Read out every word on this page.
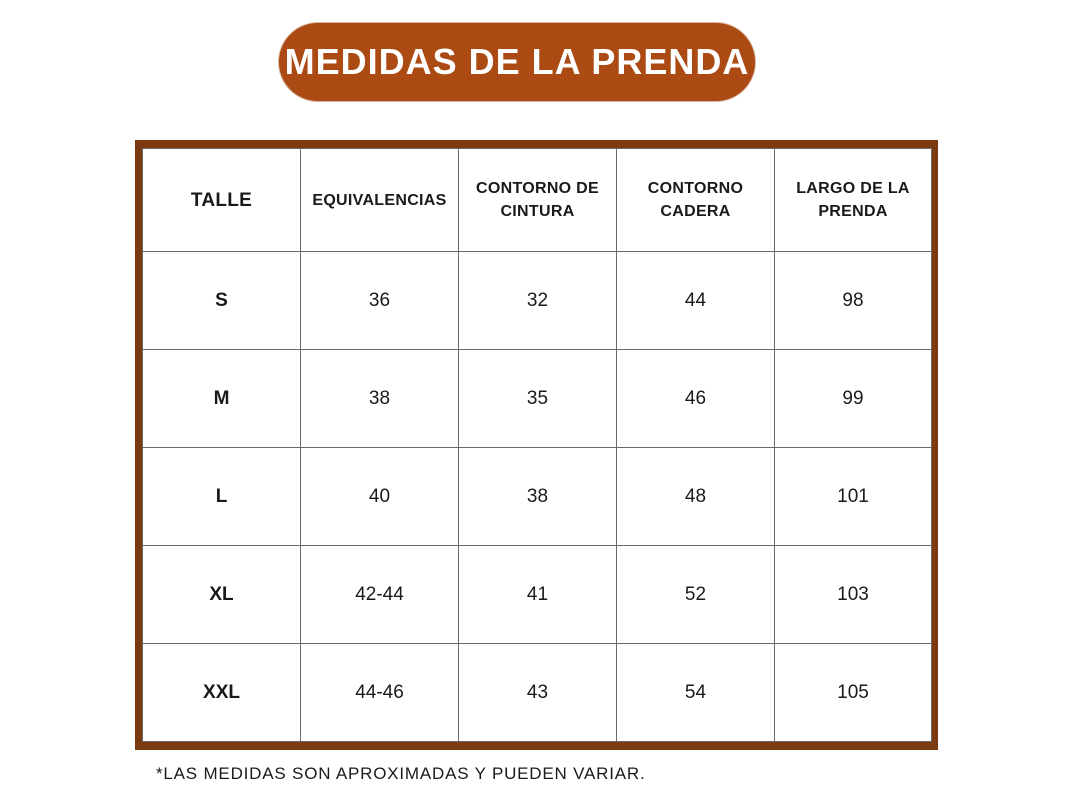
MEDIDAS DE LA PRENDA
TALLE	EQUIVALENCIAS	CONTORNO DE CINTURA	CONTORNO CADERA	LARGO DE LA PRENDA
S	36	32	44	98
M	38	35	46	99
L	40	38	48	101
XL	42-44	41	52	103
XXL	44-46	43	54	105
*LAS MEDIDAS SON APROXIMADAS Y PUEDEN VARIAR.
